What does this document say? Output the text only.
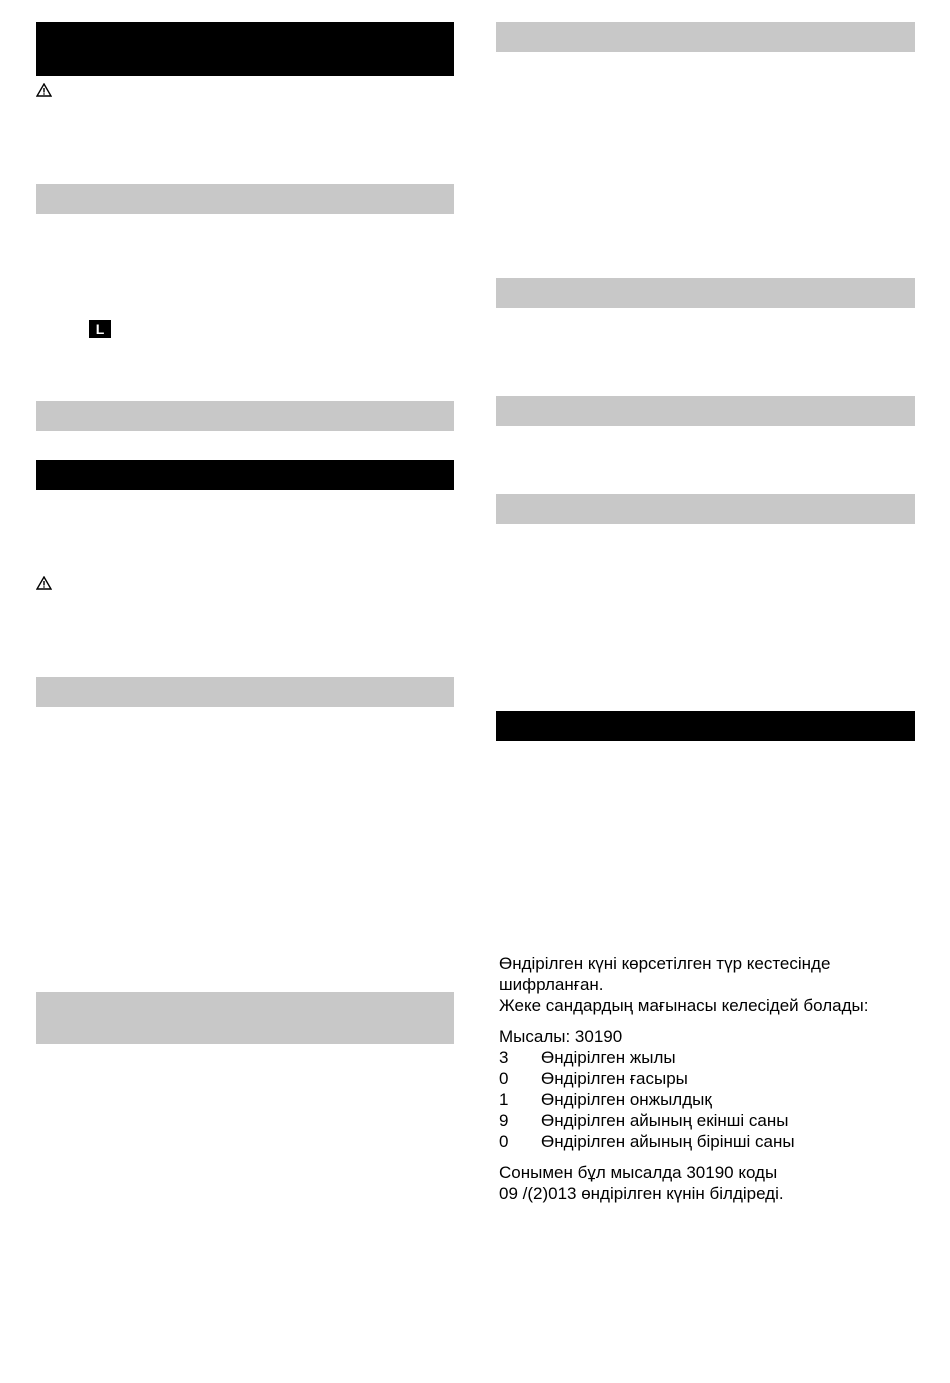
L

Өндірілген күні көрсетілген түр кестесінде

шифрланған.

Жеке сандардың мағынасы келесідей болады:

Мысалы: 30190

3	Өндірілген жылы
0	Өндірілген ғасыры
1	Өндірілген онжылдық
9	Өндірілген айының екінші саны
0	Өндірілген айының бірінші саны

Сонымен бұл мысалда 30190 коды

09 /(2)013 өндірілген күнін білдіреді.
